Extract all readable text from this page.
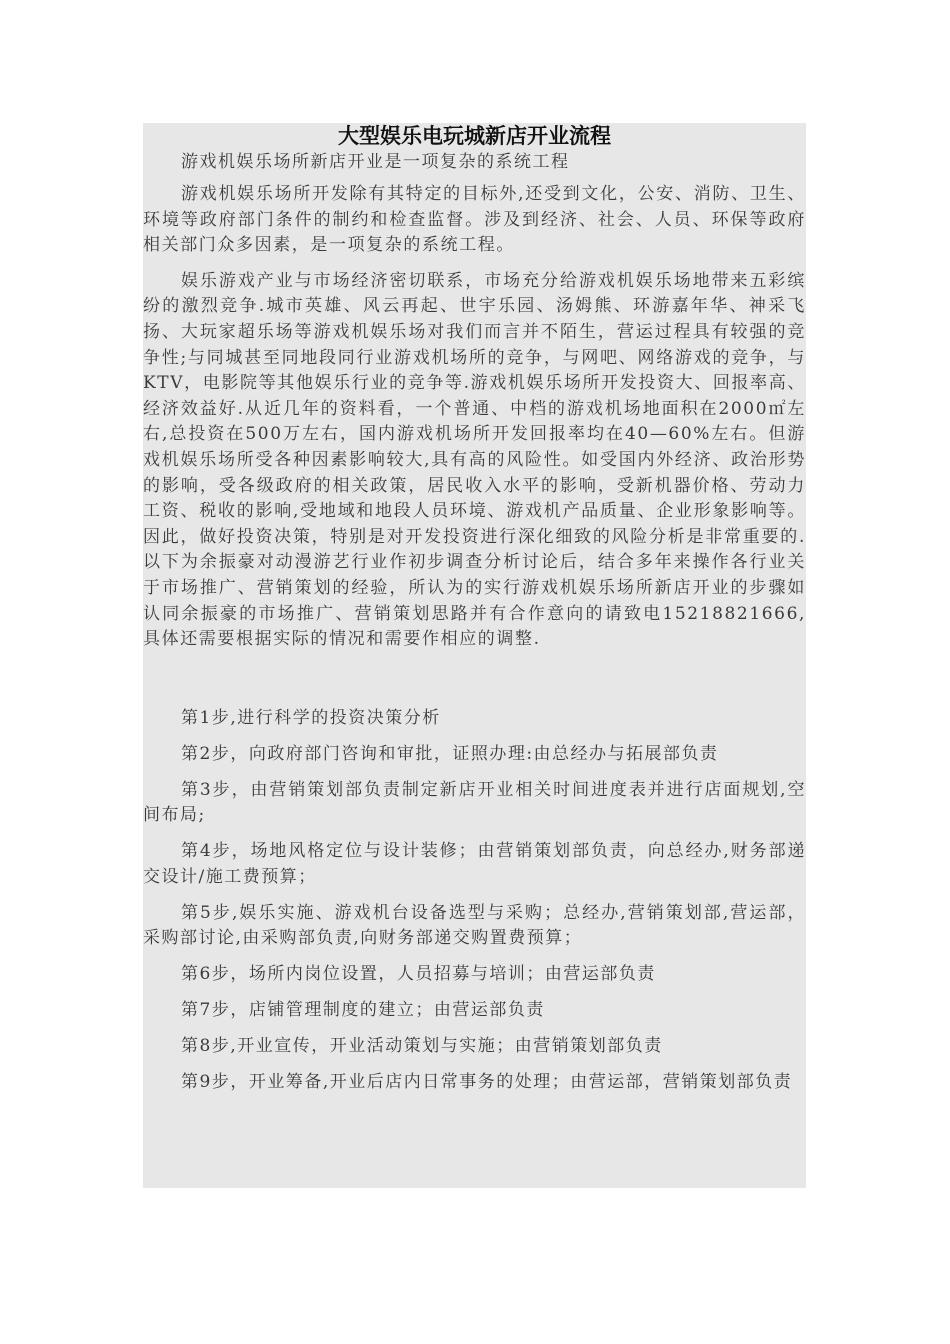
大型娱乐电玩城新店开业流程

游戏机娱乐场所新店开业是一项复杂的系统工程

游戏机娱乐场所开发除有其特定的目标外,还受到文化，公安、消防、卫生、环境等政府部门条件的制约和检查监督。涉及到经济、社会、人员、环保等政府相关部门众多因素，是一项复杂的系统工程。

娱乐游戏产业与市场经济密切联系，市场充分给游戏机娱乐场地带来五彩缤纷的激烈竞争.城市英雄、风云再起、世宇乐园、汤姆熊、环游嘉年华、神采飞扬、大玩家超乐场等游戏机娱乐场对我们而言并不陌生，营运过程具有较强的竞争性;与同城甚至同地段同行业游戏机场所的竞争，与网吧、网络游戏的竞争，与KTV，电影院等其他娱乐行业的竞争等.游戏机娱乐场所开发投资大、回报率高、经济效益好.从近几年的资料看，一个普通、中档的游戏机场地面积在2000㎡左右,总投资在500万左右，国内游戏机场所开发回报率均在40—60%左右。但游戏机娱乐场所受各种因素影响较大,具有高的风险性。如受国内外经济、政治形势的影响，受各级政府的相关政策，居民收入水平的影响，受新机器价格、劳动力工资、税收的影响,受地域和地段人员环境、游戏机产品质量、企业形象影响等。因此，做好投资决策，特别是对开发投资进行深化细致的风险分析是非常重要的.以下为余振豪对动漫游艺行业作初步调查分析讨论后，结合多年来操作各行业关于市场推广、营销策划的经验，所认为的实行游戏机娱乐场所新店开业的步骤如认同余振豪的市场推广、营销策划思路并有合作意向的请致电15218821666,具体还需要根据实际的情况和需要作相应的调整.

第1步,进行科学的投资决策分析

第2步，向政府部门咨询和审批，证照办理:由总经办与拓展部负责

第3步，由营销策划部负责制定新店开业相关时间进度表并进行店面规划,空间布局;

第4步，场地风格定位与设计装修；由营销策划部负责，向总经办,财务部递交设计/施工费预算；

第5步,娱乐实施、游戏机台设备选型与采购；总经办,营销策划部,营运部，采购部讨论,由采购部负责,向财务部递交购置费预算；

第6步，场所内岗位设置，人员招募与培训；由营运部负责

第7步，店铺管理制度的建立；由营运部负责

第8步,开业宣传，开业活动策划与实施；由营销策划部负责

第9步，开业筹备,开业后店内日常事务的处理；由营运部，营销策划部负责
